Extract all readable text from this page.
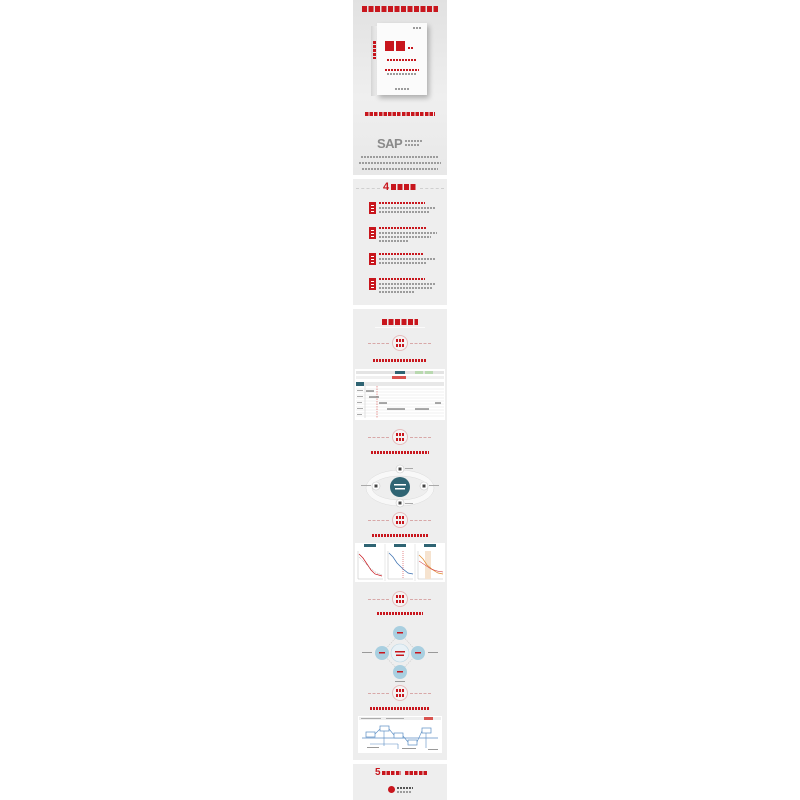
SAP
4
5
